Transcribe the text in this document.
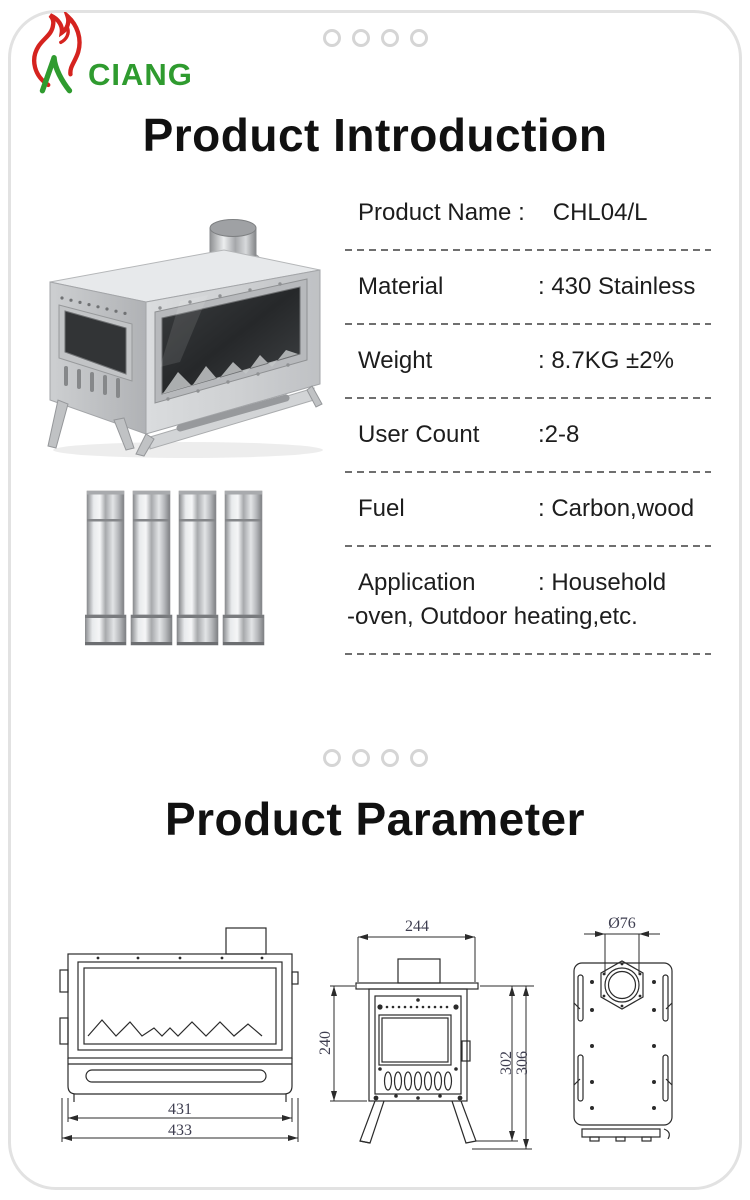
CIANG
Product Introduction
Product Name : CHL04/L
Material	: 430 Stainless
Weight	: 8.7KG ±2%
User Count	:2-8
Fuel	: Carbon,wood
Application	: Household
-oven, Outdoor heating,etc.
Product Parameter
431
433
244
240
302 306
Ø76
